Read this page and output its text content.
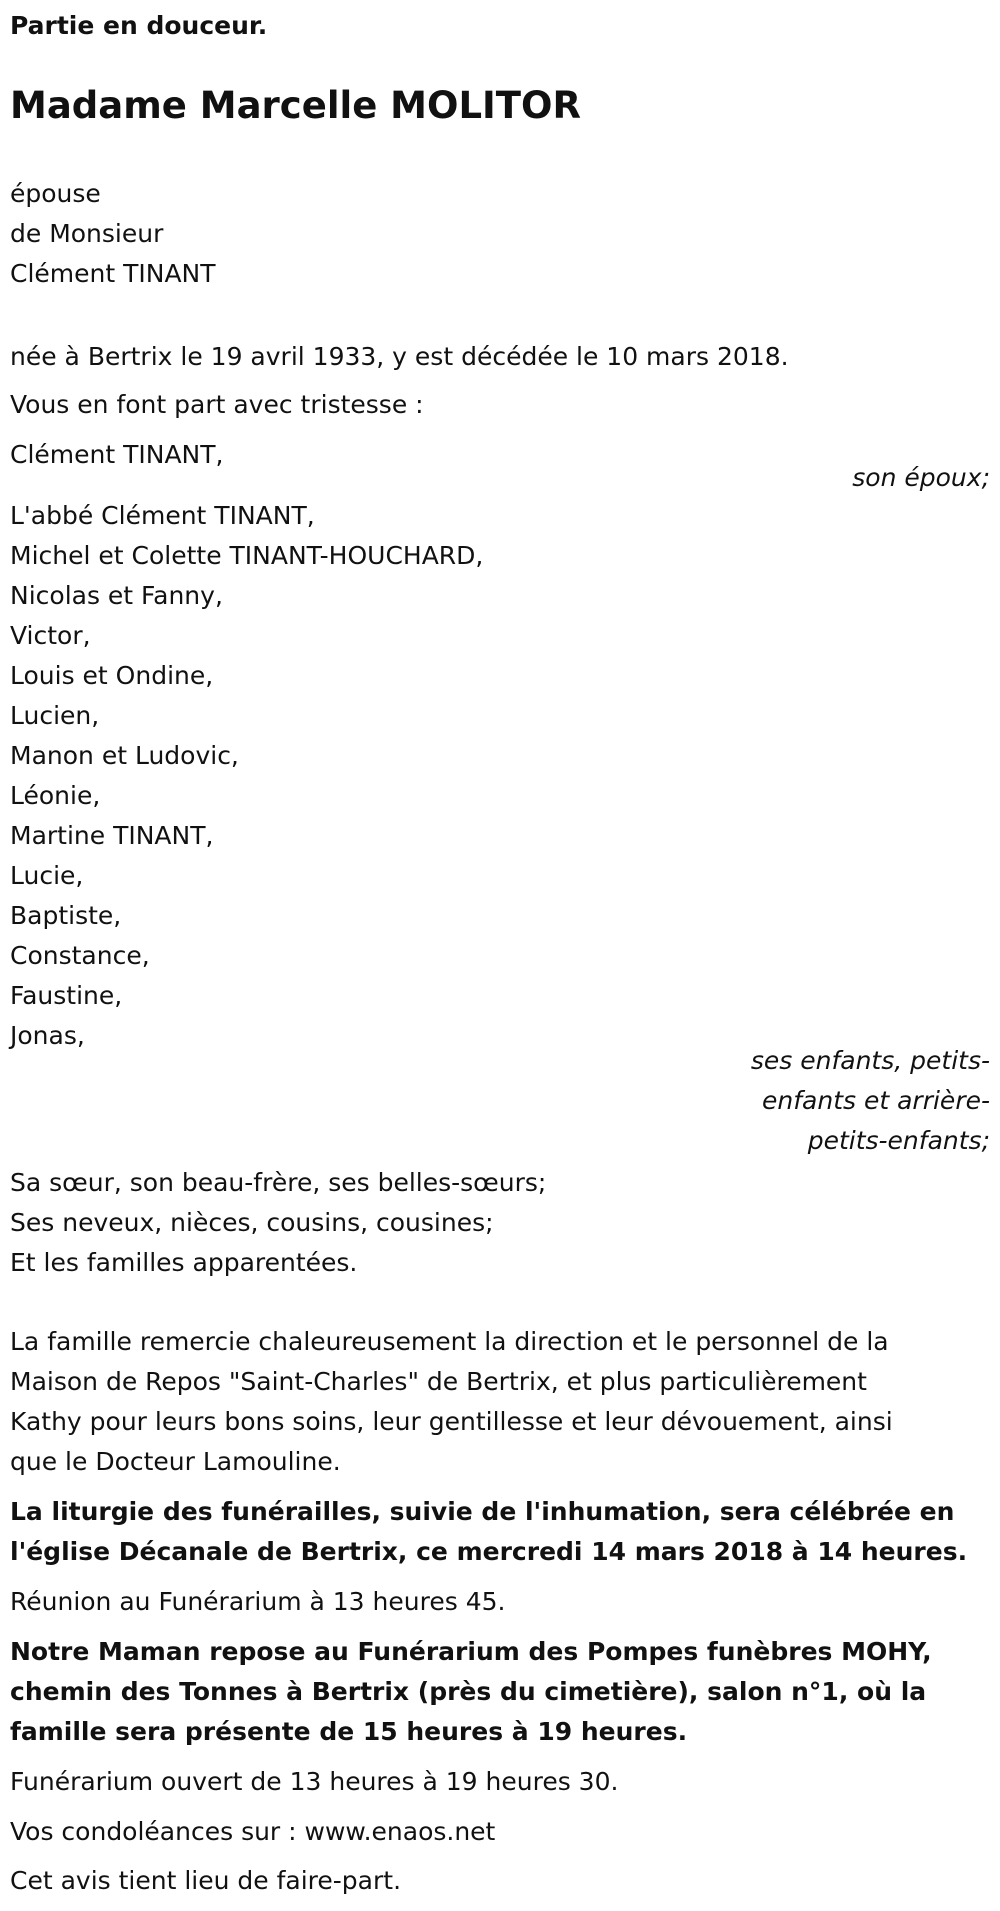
Partie en douceur.
Madame Marcelle MOLITOR
épouse
de Monsieur
Clément TINANT
née à Bertrix le 19 avril 1933, y est décédée le 10 mars 2018.
Vous en font part avec tristesse :
Clément TINANT,
son époux;
L'abbé Clément TINANT,
Michel et Colette TINANT-HOUCHARD,
Nicolas et Fanny,
Victor,
Louis et Ondine,
Lucien,
Manon et Ludovic,
Léonie,
Martine TINANT,
Lucie,
Baptiste,
Constance,
Faustine,
Jonas,
ses enfants, petits-
enfants et arrière-
petits-enfants;
Sa sœur, son beau-frère, ses belles-sœurs;
Ses neveux, nièces, cousins, cousines;
Et les familles apparentées.
La famille remercie chaleureusement la direction et le personnel de la
Maison de Repos "Saint-Charles" de Bertrix, et plus particulièrement
Kathy pour leurs bons soins, leur gentillesse et leur dévouement, ainsi
que le Docteur Lamouline.
La liturgie des funérailles, suivie de l'inhumation, sera célébrée en
l'église Décanale de Bertrix, ce mercredi 14 mars 2018 à 14 heures.
Réunion au Funérarium à 13 heures 45.
Notre Maman repose au Funérarium des Pompes funèbres MOHY,
chemin des Tonnes à Bertrix (près du cimetière), salon n°1, où la
famille sera présente de 15 heures à 19 heures.
Funérarium ouvert de 13 heures à 19 heures 30.
Vos condoléances sur : www.enaos.net
Cet avis tient lieu de faire-part.
